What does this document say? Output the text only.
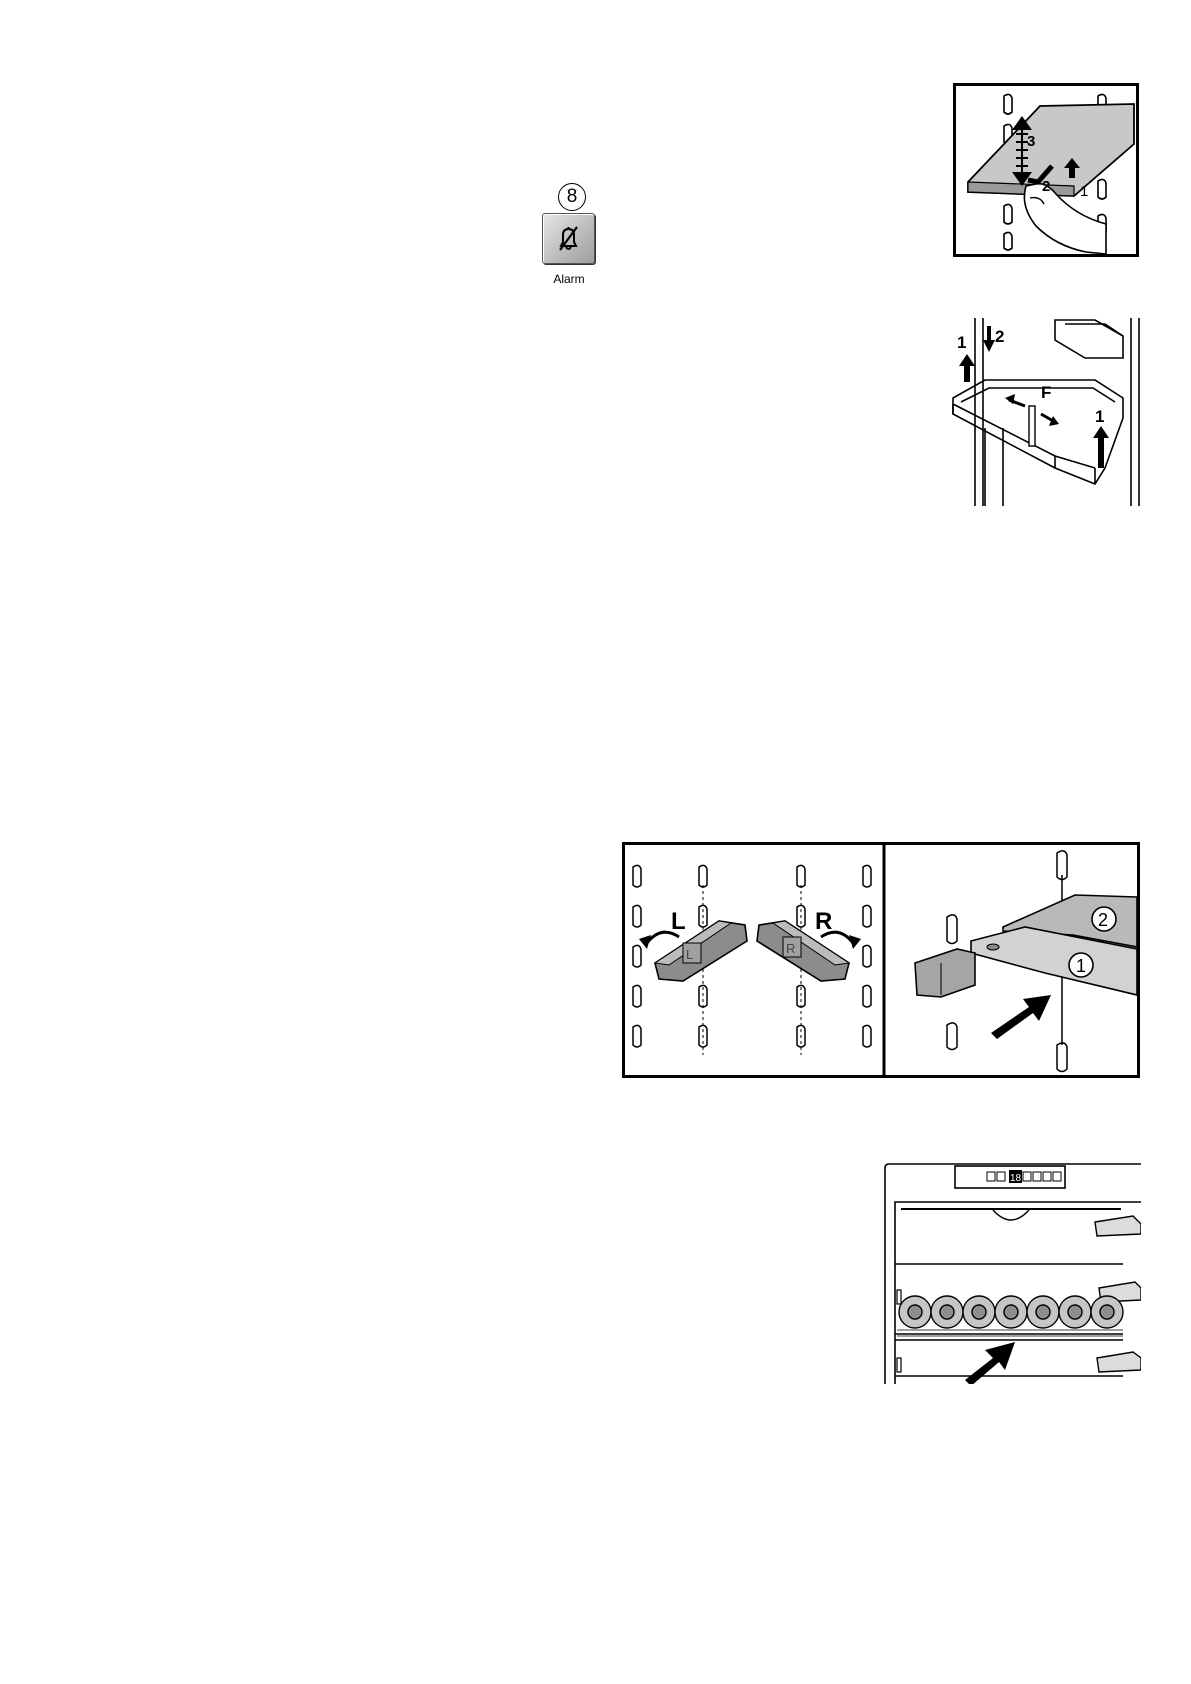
8
Alarm
3
2 1
1 2
F
1
L	R
L	R
2
1
18
